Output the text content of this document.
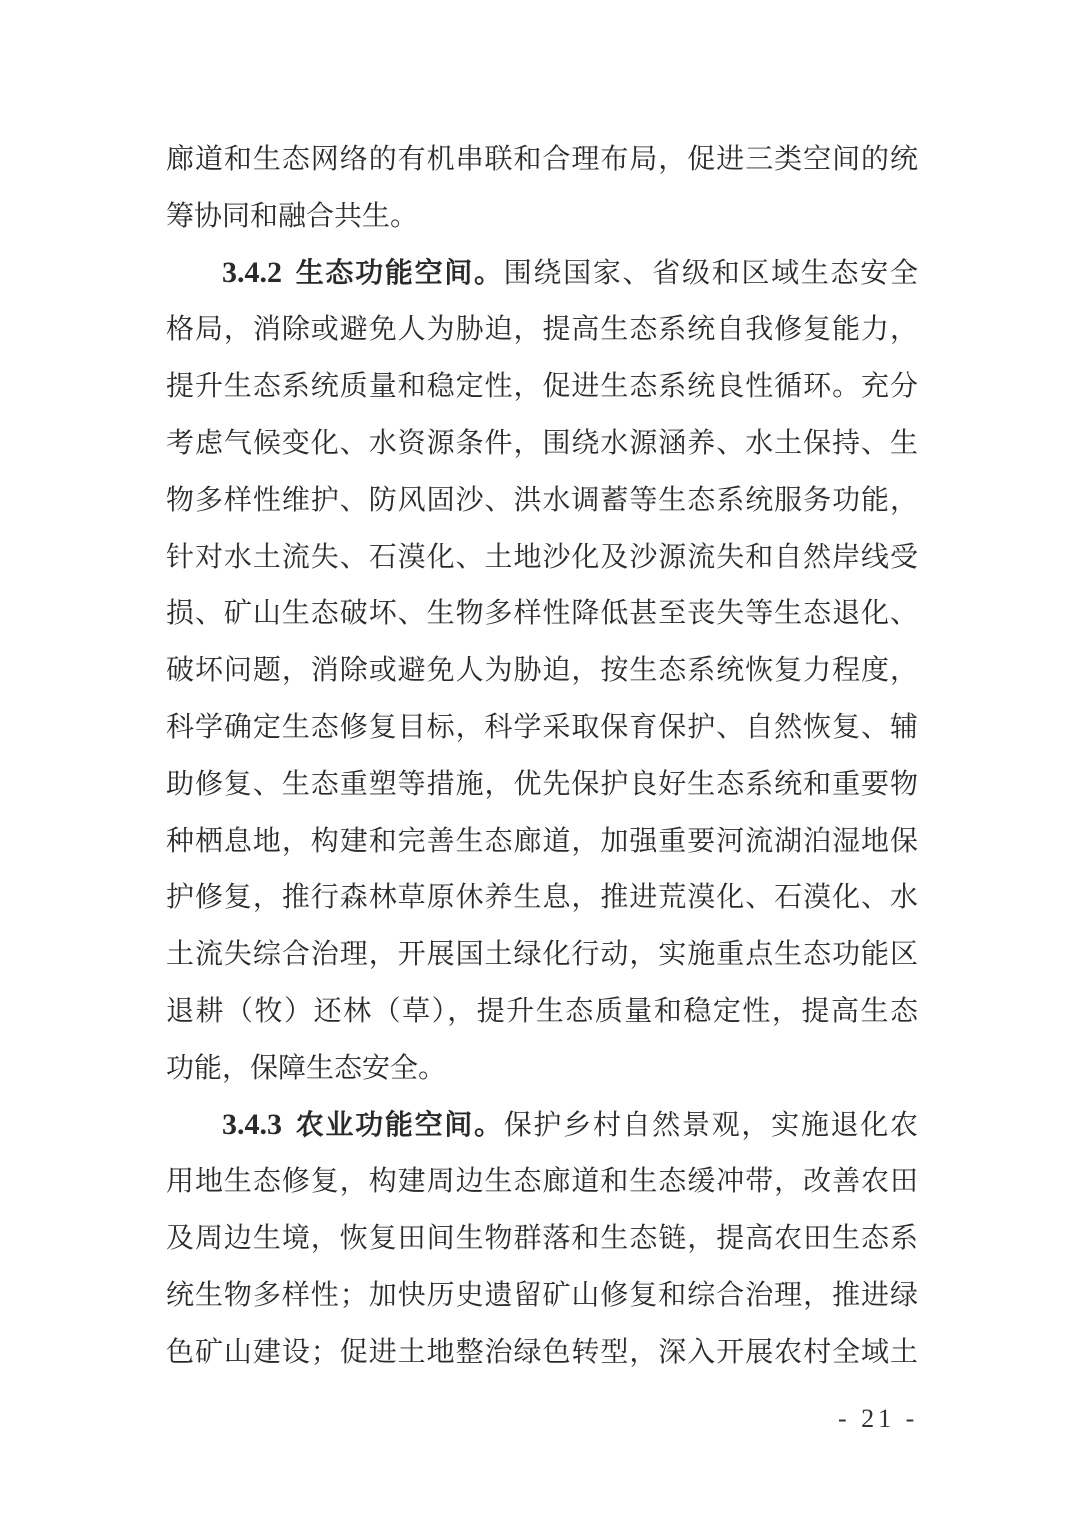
廊道和生态网络的有机串联和合理布局，促进三类空间的统
筹协同和融合共生。
3.4.2 生态功能空间。围绕国家、省级和区域生态安全
格局，消除或避免人为胁迫，提高生态系统自我修复能力，
提升生态系统质量和稳定性，促进生态系统良性循环。充分
考虑气候变化、水资源条件，围绕水源涵养、水土保持、生
物多样性维护、防风固沙、洪水调蓄等生态系统服务功能，
针对水土流失、石漠化、土地沙化及沙源流失和自然岸线受
损、矿山生态破坏、生物多样性降低甚至丧失等生态退化、
破坏问题，消除或避免人为胁迫，按生态系统恢复力程度，
科学确定生态修复目标，科学采取保育保护、自然恢复、辅
助修复、生态重塑等措施，优先保护良好生态系统和重要物
种栖息地，构建和完善生态廊道，加强重要河流湖泊湿地保
护修复，推行森林草原休养生息，推进荒漠化、石漠化、水
土流失综合治理，开展国土绿化行动，实施重点生态功能区
退耕（牧）还林（草），提升生态质量和稳定性，提高生态
功能，保障生态安全。
3.4.3 农业功能空间。保护乡村自然景观，实施退化农
用地生态修复，构建周边生态廊道和生态缓冲带，改善农田
及周边生境，恢复田间生物群落和生态链，提高农田生态系
统生物多样性；加快历史遗留矿山修复和综合治理，推进绿
色矿山建设；促进土地整治绿色转型，深入开展农村全域土
- 21 -
